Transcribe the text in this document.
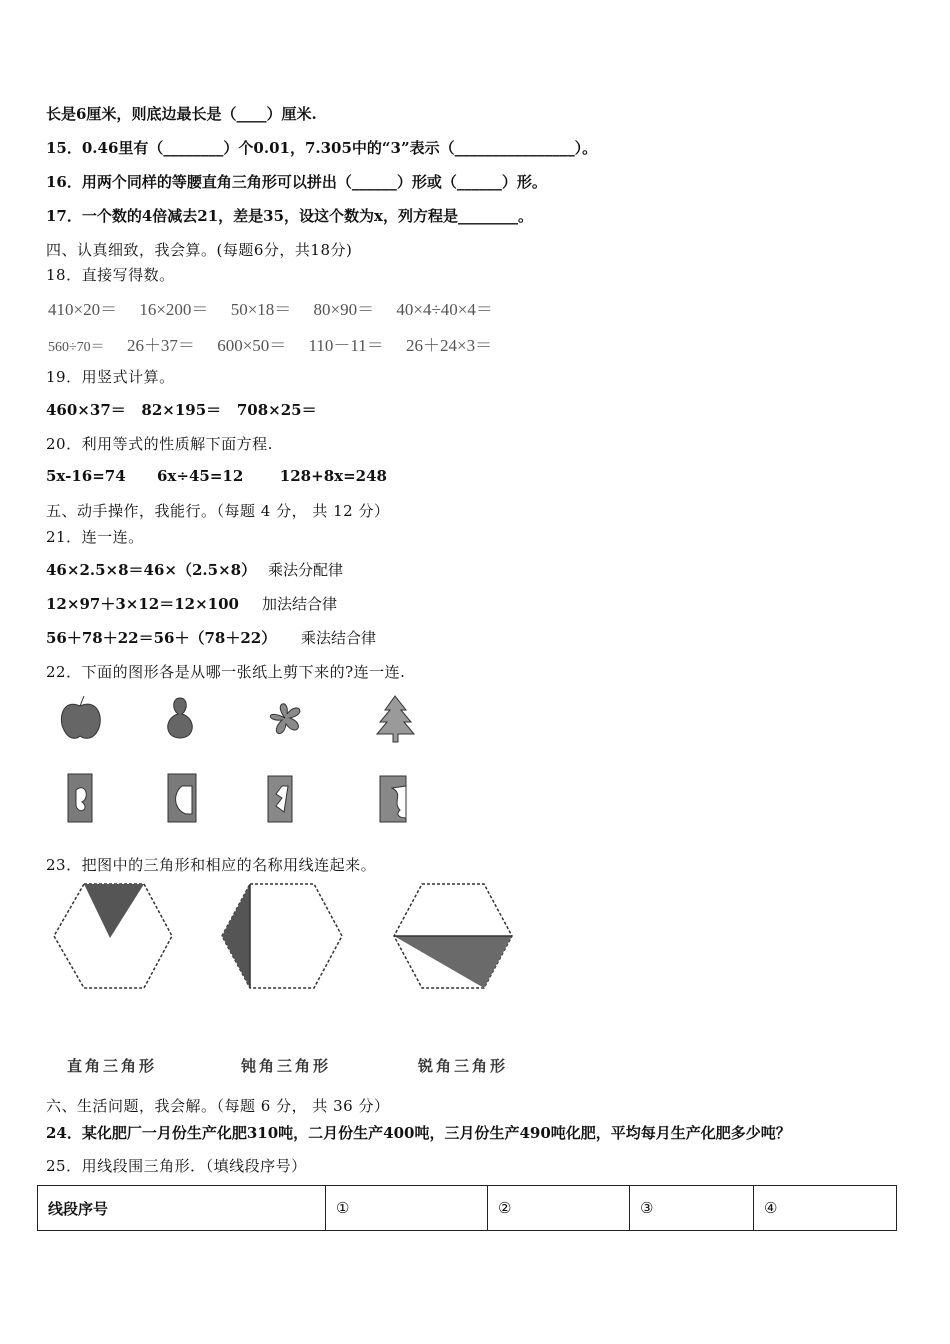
长是6厘米，则底边最长是（____）厘米.
15．0.46里有（________）个0.01，7.305中的“3”表示（________________）。
16．用两个同样的等腰直角三角形可以拼出（______）形或（______）形。
17．一个数的4倍减去21，差是35，设这个数为x，列方程是________。
四、认真细致，我会算。(每题6分，共18分)
18．直接写得数。
410×20＝ 16×200＝ 50×18＝ 80×90＝ 40×4÷40×4＝
560÷70＝ 26＋37＝ 600×50＝ 110－11＝ 26＋24×3＝
19．用竖式计算。
460×37＝   82×195＝   708×25＝
20．利用等式的性质解下面方程.
5x-16=74      6x÷45=12       128+8x=248
五、动手操作，我能行。（每题 4 分， 共 12 分）
21．连一连。
46×2.5×8＝46×（2.5×8） 乘法分配律
12×97＋3×12＝12×100 加法结合律
56＋78＋22＝56＋（78＋22） 乘法结合律
22．下面的图形各是从哪一张纸上剪下来的?连一连.
23．把图中的三角形和相应的名称用线连起来。
直角三角形	钝角三角形	锐角三角形
六、生活问题，我会解。（每题 6 分， 共 36 分）
24．某化肥厂一月份生产化肥310吨，二月份生产400吨，三月份生产490吨化肥，平均每月生产化肥多少吨？
25．用线段围三角形．（填线段序号）
线段序号	①	②	③	④
